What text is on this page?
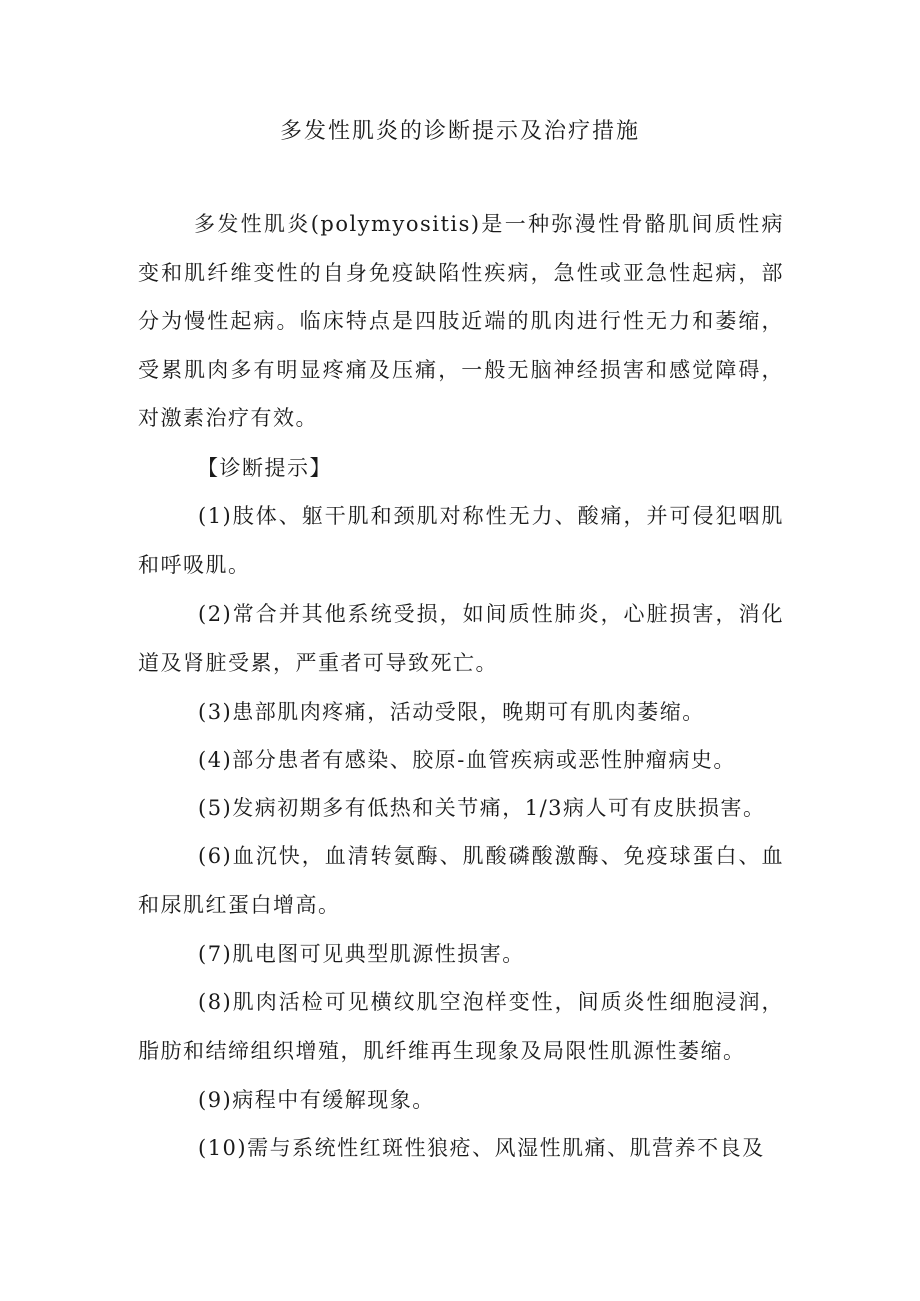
多发性肌炎的诊断提示及治疗措施

多发性肌炎(polymyositis)是一种弥漫性骨骼肌间质性病变和肌纤维变性的自身免疫缺陷性疾病，急性或亚急性起病，部分为慢性起病。临床特点是四肢近端的肌肉进行性无力和萎缩，受累肌肉多有明显疼痛及压痛，一般无脑神经损害和感觉障碍，对激素治疗有效。

【诊断提示】

(1)肢体、躯干肌和颈肌对称性无力、酸痛，并可侵犯咽肌和呼吸肌。

(2)常合并其他系统受损，如间质性肺炎，心脏损害，消化道及肾脏受累，严重者可导致死亡。

(3)患部肌肉疼痛，活动受限，晚期可有肌肉萎缩。

(4)部分患者有感染、胶原-血管疾病或恶性肿瘤病史。

(5)发病初期多有低热和关节痛，1/3病人可有皮肤损害。

(6)血沉快，血清转氨酶、肌酸磷酸激酶、免疫球蛋白、血和尿肌红蛋白增高。

(7)肌电图可见典型肌源性损害。

(8)肌肉活检可见横纹肌空泡样变性，间质炎性细胞浸润，脂肪和结缔组织增殖，肌纤维再生现象及局限性肌源性萎缩。

(9)病程中有缓解现象。

(10)需与系统性红斑性狼疮、风湿性肌痛、肌营养不良及
